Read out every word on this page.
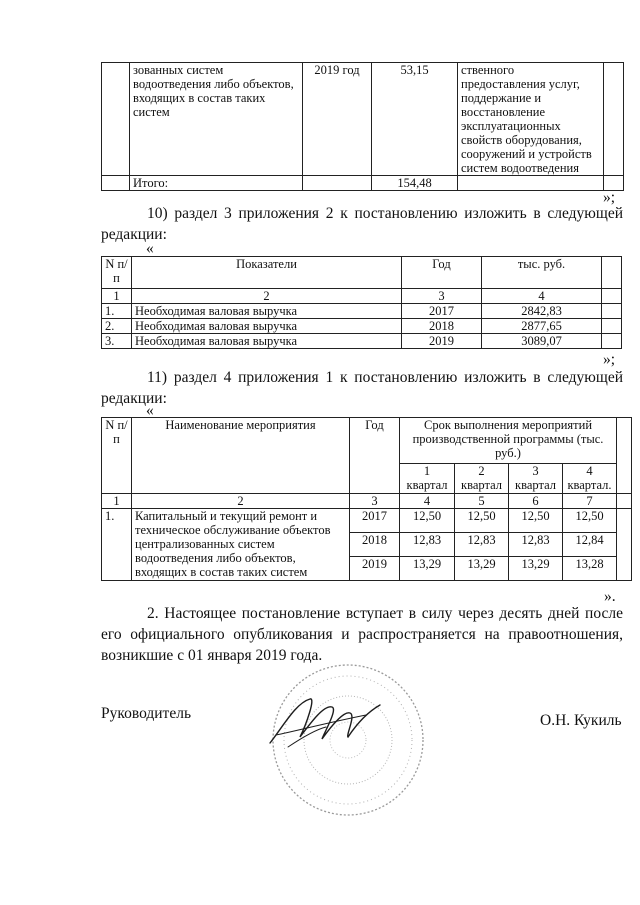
	зованных систем водоотведения либо объектов, входящих в состав таких систем	2019 год	53,15	ственного предоставления услуг, поддержание и восстановление эксплуатационных свойств оборудования, сооружений и устройств систем водоотведения	
	Итого:		154,48		
»;
10) раздел 3 приложения 2 к постановлению изложить в следующей редакции:
«
N п/п	Показатели	Год	тыс. руб.	
1	2	3	4	
1.	Необходимая валовая выручка	2017	2842,83	
2.	Необходимая валовая выручка	2018	2877,65	
3.	Необходимая валовая выручка	2019	3089,07	
»;
11) раздел 4 приложения 1 к постановлению изложить в следующей редакции:
«
N п/п	Наименование мероприятия	Год	Срок выполнения мероприятий производственной программы (тыс. руб.)				
			1 квартал	2 квартал	3 квартал	4 квартал.	
1	2	3	4	5	6	7	
1.	Капитальный и текущий ремонт и техническое обслуживание объектов централизованных систем водоотведения либо объектов, входящих в состав таких систем	2017	12,50	12,50	12,50	12,50	
		2018	12,83	12,83	12,83	12,84	
		2019	13,29	13,29	13,29	13,28	
».
2. Настоящее постановление вступает в силу через десять дней после его официального опубликования и распространяется на правоотношения, возникшие с 01 января 2019 года.
Руководитель	О.Н. Кукиль
